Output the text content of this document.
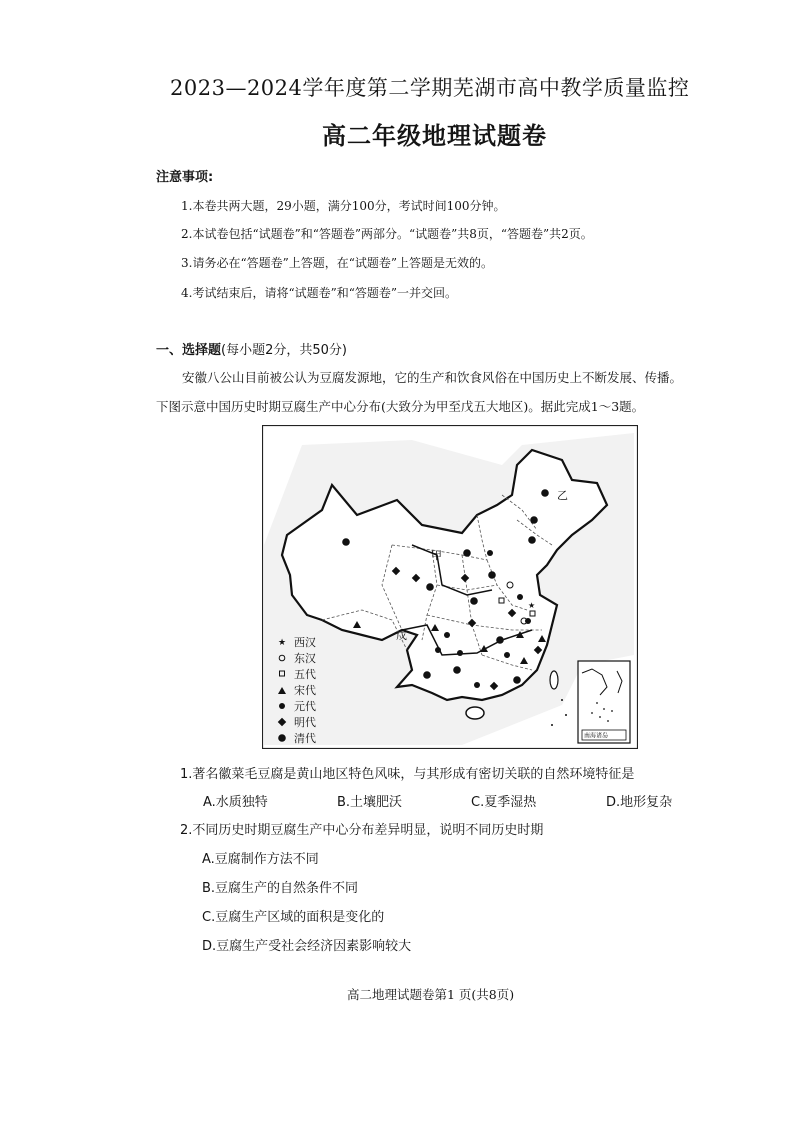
2023—2024学年度第二学期芜湖市高中教学质量监控
高二年级地理试题卷
注意事项:
1.本卷共两大题，29小题，满分100分，考试时间100分钟。
2.本试卷包括“试题卷”和“答题卷”两部分。“试题卷”共8页，“答题卷”共2页。
3.请务必在“答题卷”上答题，在“试题卷”上答题是无效的。
4.考试结束后，请将“试题卷”和“答题卷”一并交回。
一、选择题(每小题2分，共50分)
安徽八公山目前被公认为豆腐发源地，它的生产和饮食风俗在中国历史上不断发展、传播。
下图示意中国历史时期豆腐生产中心分布(大致分为甲至戊五大地区)。据此完成1～3题。
甲
乙
戊
★
★ 西汉
东汉
五代
宋代
元代
明代
清代	南海诸岛
1.著名徽菜毛豆腐是黄山地区特色风味，与其形成有密切关联的自然环境特征是
A.水质独特	B.土壤肥沃	C.夏季湿热	D.地形复杂
2.不同历史时期豆腐生产中心分布差异明显，说明不同历史时期
A.豆腐制作方法不同
B.豆腐生产的自然条件不同
C.豆腐生产区域的面积是变化的
D.豆腐生产受社会经济因素影响较大
高二地理试题卷第1 页(共8页)
